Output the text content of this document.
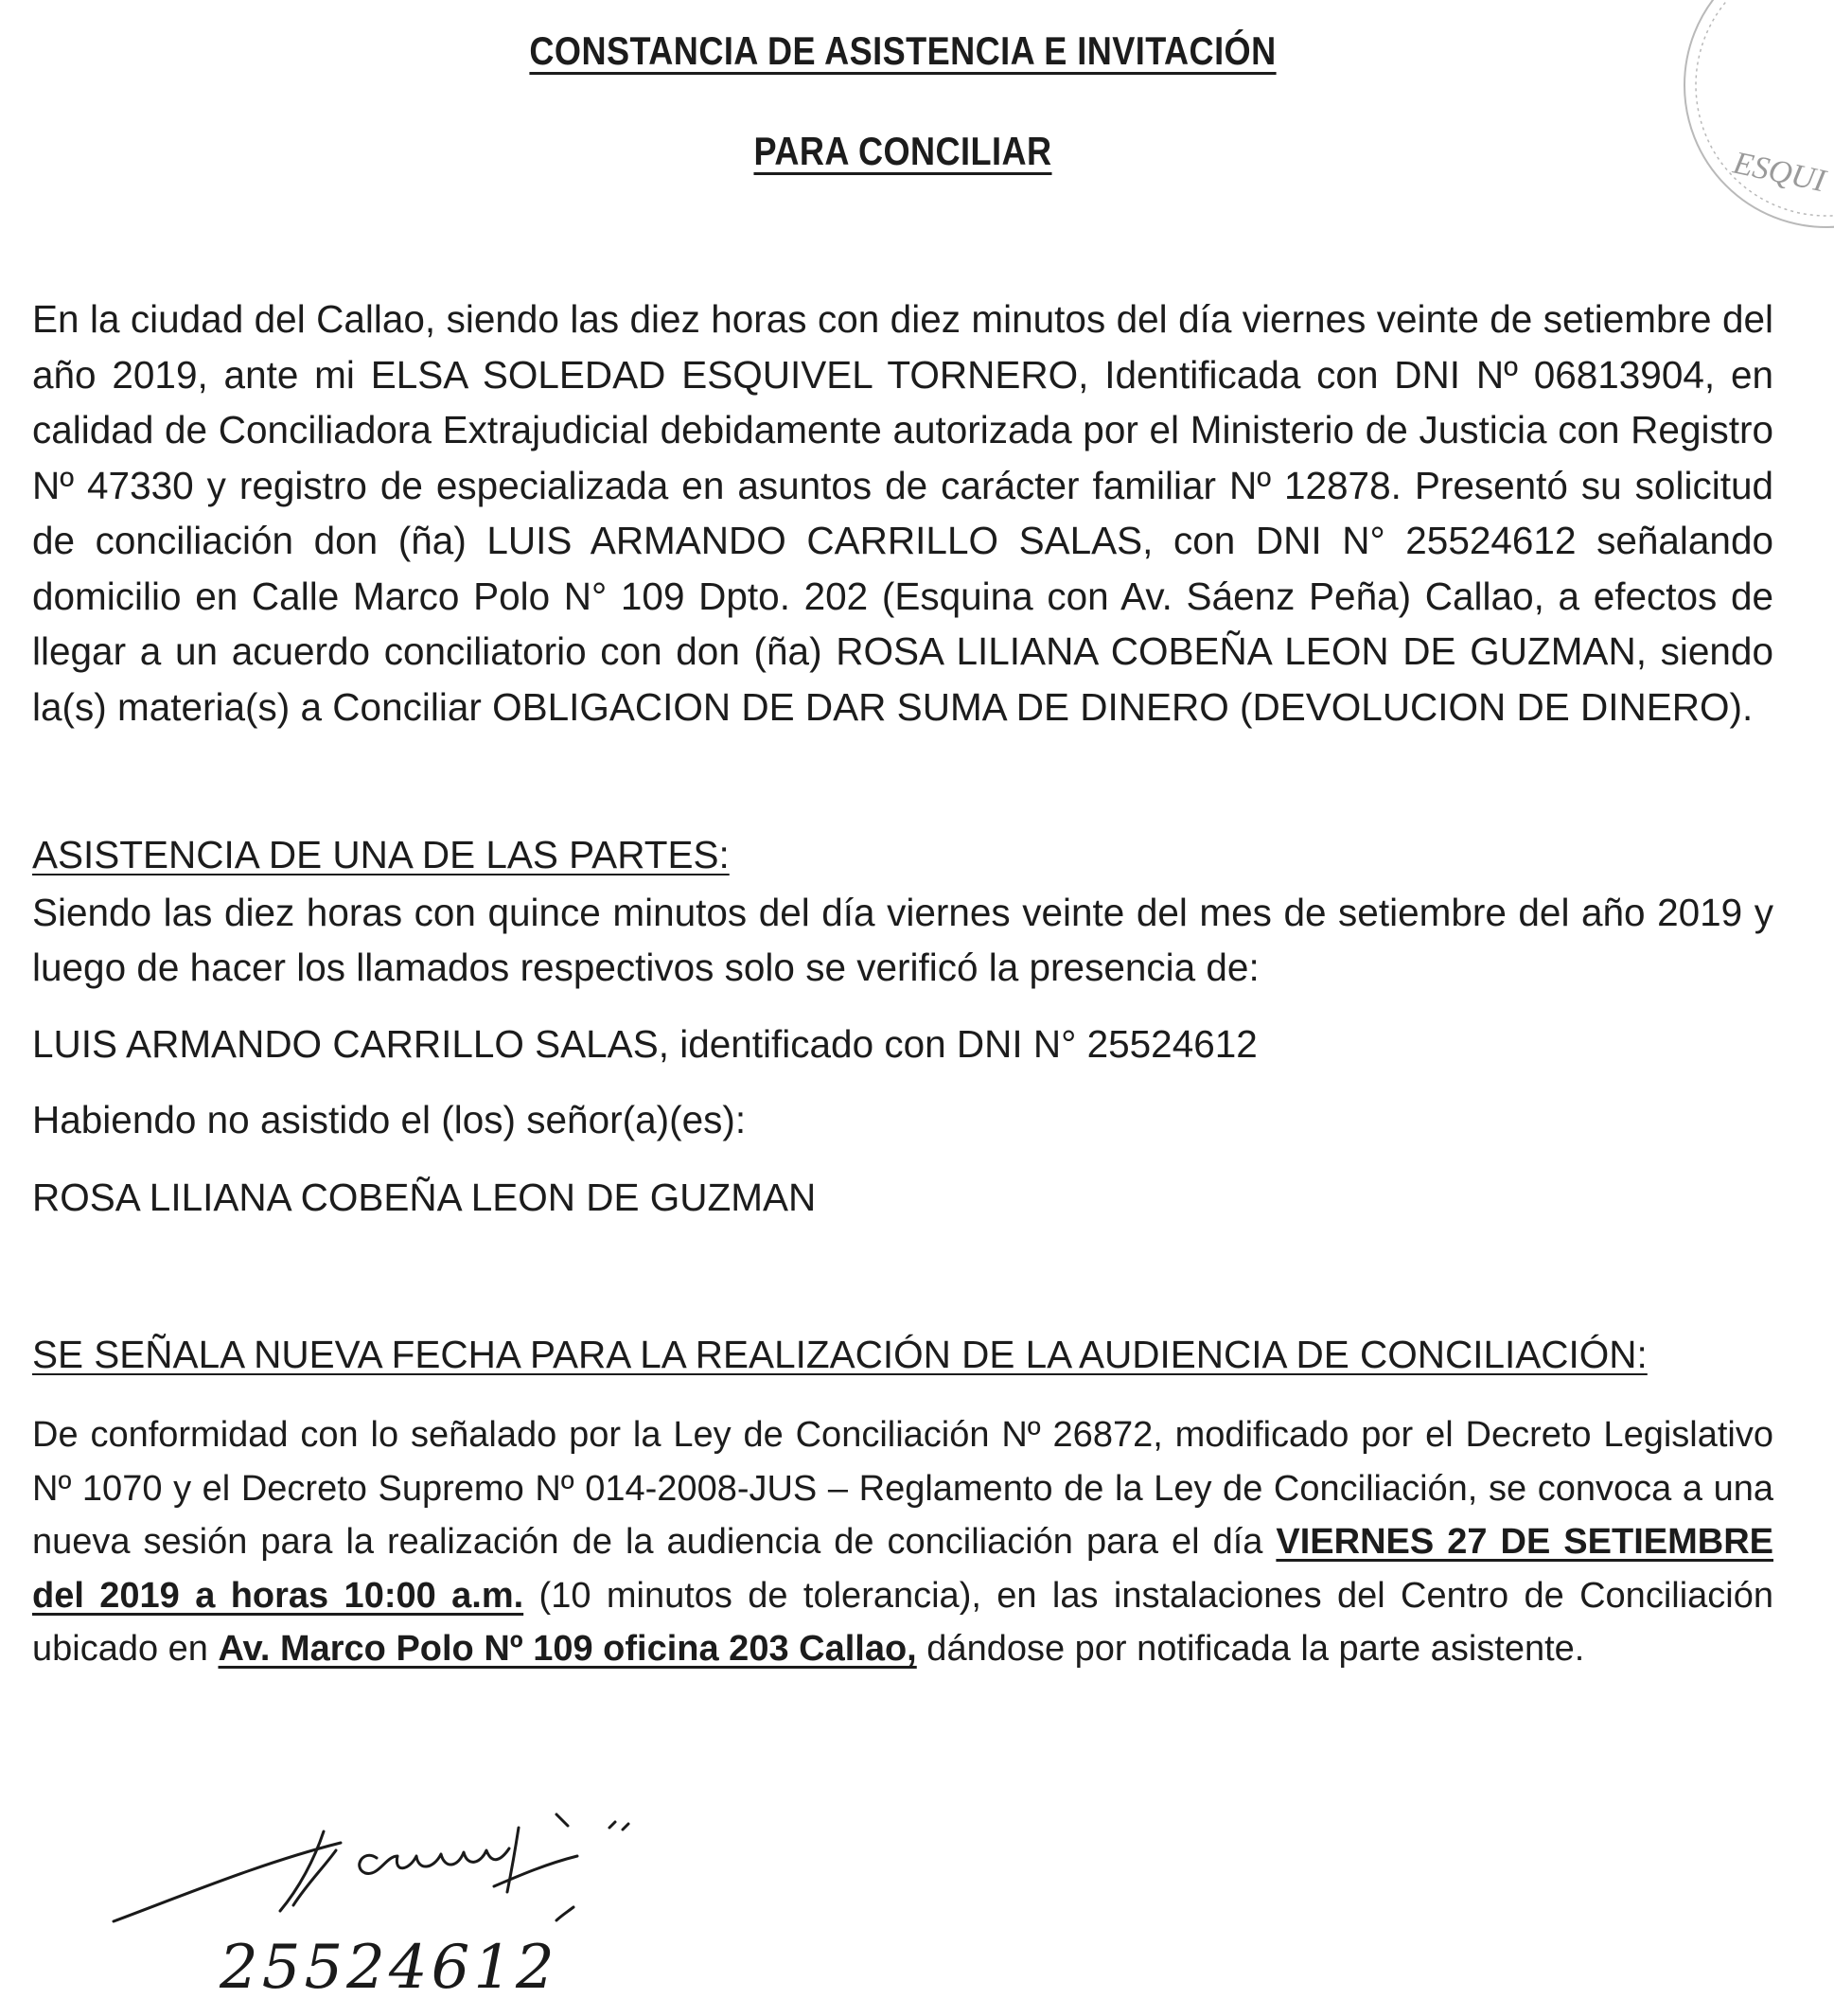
ESQUI
CONSTANCIA DE ASISTENCIA E INVITACIÓN
PARA CONCILIAR
En la ciudad del Callao, siendo las diez horas con diez minutos del día viernes veinte de setiembre del año 2019, ante mi ELSA SOLEDAD ESQUIVEL TORNERO, Identificada con DNI Nº 06813904, en calidad de Conciliadora Extrajudicial debidamente autorizada por el Ministerio de Justicia con Registro Nº 47330 y registro de especializada en asuntos de carácter familiar Nº 12878. Presentó su solicitud de conciliación don (ña) LUIS ARMANDO CARRILLO SALAS, con DNI N° 25524612 señalando domicilio en Calle Marco Polo N° 109 Dpto. 202 (Esquina con Av. Sáenz Peña) Callao, a efectos de llegar a un acuerdo conciliatorio con don (ña) ROSA LILIANA COBEÑA LEON DE GUZMAN, siendo la(s) materia(s) a Conciliar OBLIGACION DE DAR SUMA DE DINERO (DEVOLUCION DE DINERO).
ASISTENCIA DE UNA DE LAS PARTES:
Siendo las diez horas con quince minutos del día viernes veinte del mes de setiembre del año 2019 y luego de hacer los llamados respectivos solo se verificó la presencia de:
LUIS ARMANDO CARRILLO SALAS, identificado con DNI N° 25524612
Habiendo no asistido el (los) señor(a)(es):
ROSA LILIANA COBEÑA LEON DE GUZMAN
SE SEÑALA NUEVA FECHA PARA LA REALIZACIÓN DE LA AUDIENCIA DE CONCILIACIÓN:
De conformidad con lo señalado por la Ley de Conciliación Nº 26872, modificado por el Decreto Legislativo Nº 1070 y el Decreto Supremo Nº 014-2008-JUS – Reglamento de la Ley de Conciliación, se convoca a una nueva sesión para la realización de la audiencia de conciliación para el día VIERNES 27 DE SETIEMBRE del 2019 a horas 10:00 a.m. (10 minutos de tolerancia), en las instalaciones del Centro de Conciliación ubicado en Av. Marco Polo Nº 109 oficina 203 Callao, dándose por notificada la parte asistente.
25524612
